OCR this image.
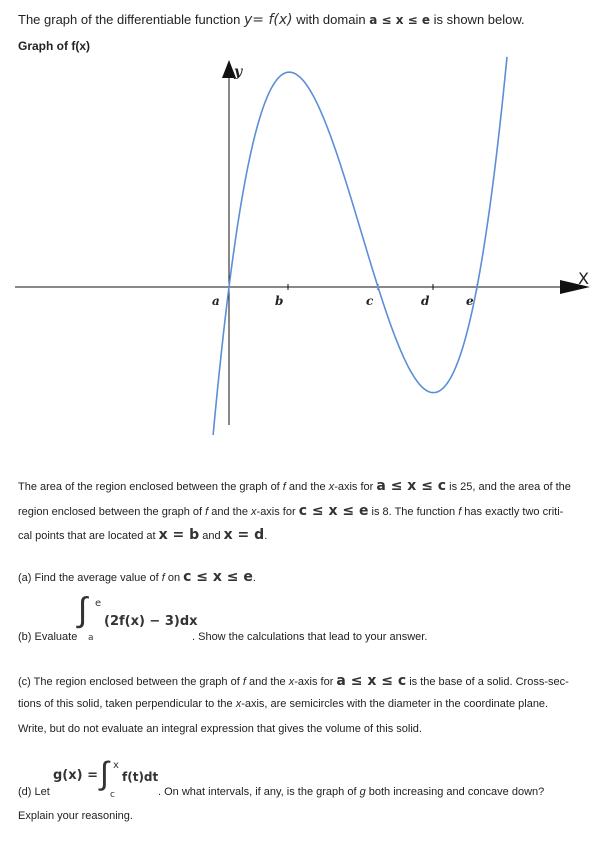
The graph of the differentiable function y= f(x) with domain a ≤ x ≤ e is shown below.
Graph of f(x)
X
y
a	b	c	d	e
The area of the region enclosed between the graph of f and the x-axis for a ≤ x ≤ c is 25, and the area of the
region enclosed between the graph of f and the x-axis for c ≤ x ≤ e is 8. The function f has exactly two criti-
cal points that are located at x = b and x = d.
(a) Find the average value of f on c ≤ x ≤ e.
(b) Evaluate
∫ e
a
(2f(x) − 3)dx
. Show the calculations that lead to your answer.
(c) The region enclosed between the graph of f and the x-axis for a ≤ x ≤ c is the base of a solid. Cross-sec-
tions of this solid, taken perpendicular to the x-axis, are semicircles with the diameter in the coordinate plane.
Write, but do not evaluate an integral expression that gives the volume of this solid.
(d) Let
g(x) = ∫ x
c
f(t)dt
. On what intervals, if any, is the graph of g both increasing and concave down?
Explain your reasoning.
